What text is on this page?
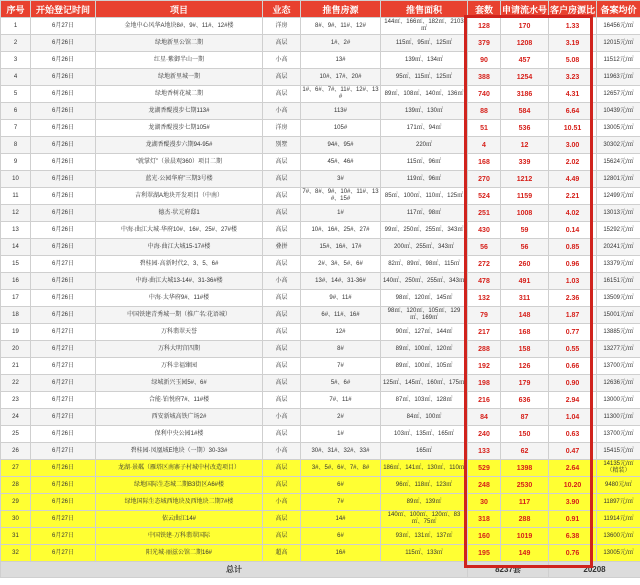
序号	开始登记时间	项目	业态	推售房源	推售面积	套数	申请流水号	客户房源比	备案均价
1	6月27日	金地中心风华A地块8#、9#、11#、12#楼	洋房	8#、9#、11#、12#	144㎡、166㎡、182㎡、2103㎡	128	170	1.33	16456元/㎡
2	6月26日	绿地新里公馆二期	高层	1#、2#	115㎡、95㎡、125㎡	379	1208	3.19	12015元/㎡
3	6月26日	红星·紫御半山一期	小高	13#	139㎡、134㎡	90	457	5.08	11512元/㎡
4	6月26日	绿地新里城一期	高层	10#、17#、20#	95㎡、115㎡、125㎡	388	1254	3.23	11963元/㎡
5	6月26日	绿地香树花城二期	高层	1#、6#、7#、11#、12#、13#	89㎡、108㎡、140㎡、136㎡	740	3186	4.31	12657元/㎡
6	6月26日	龙湖香醍漫步七期113#	小高	113#	139㎡、130㎡	88	584	6.64	10439元/㎡
7	6月26日	龙湖香醍漫步七期105#	洋房	105#	171㎡、94㎡	51	536	10.51	13005元/㎡
8	6月26日	龙湖香醍漫步六期94-95#	别墅	94#、95#	220㎡	4	12	3.00	30302元/㎡
9	6月26日	“就掌灯”（景晨观360）项目二期	高层	45#、46#	115㎡、96㎡	168	339	2.02	15624元/㎡
10	6月26日	蓝光·公园华府”三期3号楼	高层	3#	119㎡、96㎡	270	1212	4.49	12801元/㎡
11	6月26日	吉利翠湖A地块开发项目（中南）	高层	7#、8#、9#、10#、11#、13#、15#	85㎡、100㎡、110㎡、125㎡	524	1159	2.21	12499元/㎡
12	6月26日	德杰·状元府邸1	高层	1#	117㎡、98㎡	251	1008	4.02	13013元/㎡
13	6月26日	中海·曲江大城·华府10#、16#、25#、27#楼	高层	10#、16#、25#、27#	99㎡、250㎡、255㎡、343㎡	430	59	0.14	15292元/㎡
14	6月26日	中海·曲江大城15-17#楼	叠拼	15#、16#、17#	200㎡、255㎡、343㎡	56	56	0.85	20241元/㎡
15	6月27日	碧桂园·高新时代2、3、5、6#	高层	2#、3#、5#、6#	82㎡、89㎡、98㎡、115㎡	272	260	0.96	13379元/㎡
16	6月26日	中海·曲江大城13-14#、31-36#楼	小高	13#、14#、31-36#	140㎡、250㎡、255㎡、343㎡	478	491	1.03	16151元/㎡
17	6月26日	中海·太华府9#、11#楼	高层	9#、11#	98㎡、120㎡、145㎡	132	311	2.36	13509元/㎡
18	6月26日	中国铁建青秀城一期（推广名:花语城）	高层	6#、11#、16#	98㎡、120㎡、105㎡、129㎡、169㎡	79	148	1.87	15001元/㎡
19	6月27日	万科翡翠天誉	高层	12#	90㎡、127㎡、144㎡	217	168	0.77	13885元/㎡
20	6月27日	万科大明宫四期	高层	8#	89㎡、100㎡、120㎡	288	158	0.55	13277元/㎡
21	6月27日	万科幸福臻园	高层	7#	89㎡、100㎡、105㎡	192	126	0.66	13700元/㎡
22	6月27日	绿城新兴玉园5#、6#	高层	5#、6#	125㎡、145㎡、160㎡、175㎡	198	179	0.90	12636元/㎡
23	6月27日	合能·铂悦府7#、11#楼	高层	7#、11#	87㎡、103㎡、128㎡	216	636	2.94	13000元/㎡
24	6月27日	西安新城高铁广场2#	小高	2#	84㎡、100㎡	84	87	1.04	11300元/㎡
25	6月26日	保利中央公园1#楼	高层	1#	103㎡、135㎡、165㎡	240	150	0.63	13700元/㎡
26	6月27日	碧桂园·凤凰城E地块（一期）30-33#	小高	30#、31#、32#、33#	165㎡	133	62	0.47	15415元/㎡
27	6月26日	龙湖·景粼（雁塔区南寨子村城中村改造项目）	高层	3#、5#、6#、7#、8#	186㎡、141㎡、130㎡、110㎡	529	1398	2.64	14135元/㎡（精装）
28	6月26日	绿地国际生态城二期B3街区A6#楼	高层	6#	96㎡、118㎡、123㎡	248	2530	10.20	9480元/㎡
29	6月26日	绿地国际生态城西地块及西地块二期7#楼	小高	7#	89㎡、139㎡	30	117	3.90	11897元/㎡
30	6月27日	依云曲江14#	高层	14#	140㎡、100㎡、120㎡、83㎡、75㎡	318	288	0.91	11914元/㎡
31	6月27日	中国铁建·万科翡翠国际	高层	6#	93㎡、131㎡、137㎡	160	1019	6.38	13600元/㎡
32	6月27日	阳光城·丽兹公馆二期16#	超高	16#	115㎡、133㎡	195	149	0.76	13005元/㎡
总计						8237套		20208	
